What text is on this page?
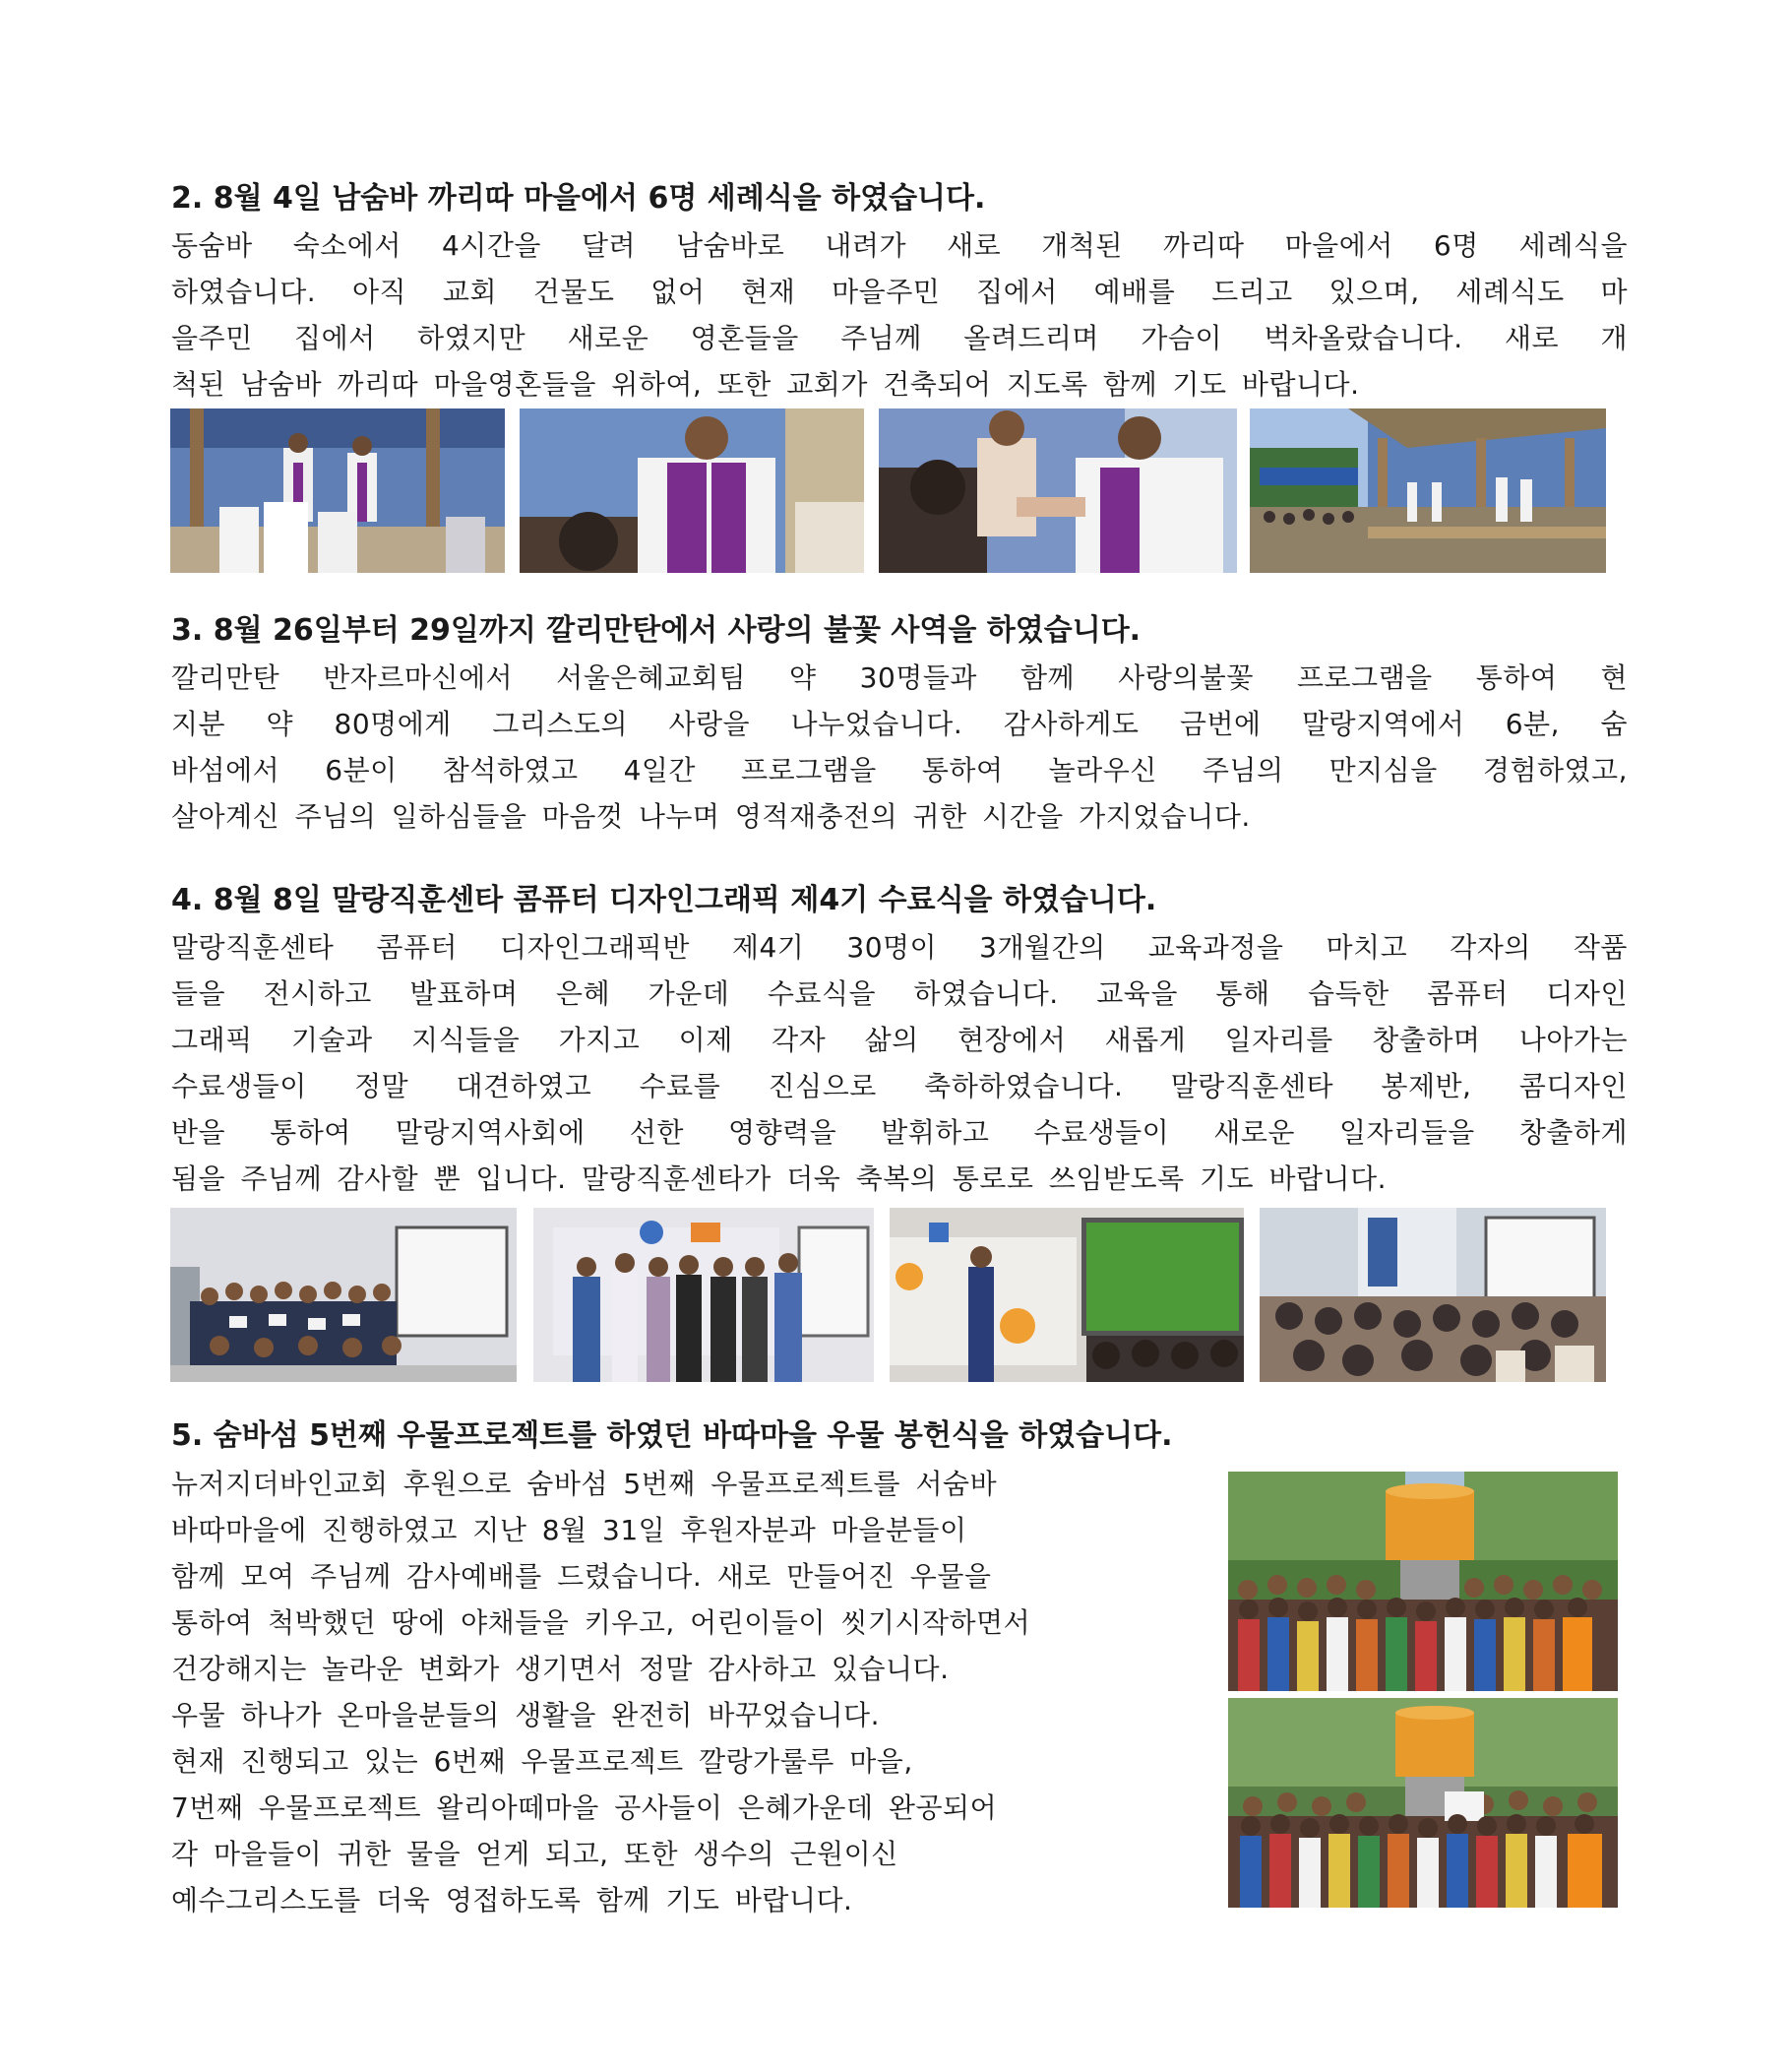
2. 8월 4일 남숨바 까리따 마을에서 6명 세례식을 하였습니다.
동숨바 숙소에서 4시간을 달려 남숨바로 내려가 새로 개척된 까리따 마을에서 6명 세례식을
하였습니다. 아직 교회 건물도 없어 현재 마을주민 집에서 예배를 드리고 있으며, 세례식도 마
을주민 집에서 하였지만 새로운 영혼들을 주님께 올려드리며 가슴이 벅차올랐습니다. 새로 개
척된 남숨바 까리따 마을영혼들을 위하여, 또한 교회가 건축되어 지도록 함께 기도 바랍니다.
3. 8월 26일부터 29일까지 깔리만탄에서 사랑의 불꽃 사역을 하였습니다.
깔리만탄 반자르마신에서 서울은혜교회팀 약 30명들과 함께 사랑의불꽃 프로그램을 통하여 현
지분 약 80명에게 그리스도의 사랑을 나누었습니다. 감사하게도 금번에 말랑지역에서 6분, 숨
바섬에서 6분이 참석하였고 4일간 프로그램을 통하여 놀라우신 주님의 만지심을 경험하였고,
살아계신 주님의 일하심들을 마음껏 나누며 영적재충전의 귀한 시간을 가지었습니다.
4. 8월 8일 말랑직훈센타 콤퓨터 디자인그래픽 제4기 수료식을 하였습니다.
말랑직훈센타 콤퓨터 디자인그래픽반 제4기 30명이 3개월간의 교육과정을 마치고 각자의 작품
들을 전시하고 발표하며 은혜 가운데 수료식을 하였습니다. 교육을 통해 습득한 콤퓨터 디자인
그래픽 기술과 지식들을 가지고 이제 각자 삶의 현장에서 새롭게 일자리를 창출하며 나아가는
수료생들이 정말 대견하였고 수료를 진심으로 축하하였습니다. 말랑직훈센타 봉제반, 콤디자인
반을 통하여 말랑지역사회에 선한 영향력을 발휘하고 수료생들이 새로운 일자리들을 창출하게
됨을 주님께 감사할 뿐 입니다. 말랑직훈센타가 더욱 축복의 통로로 쓰임받도록 기도 바랍니다.
5. 숨바섬 5번째 우물프로젝트를 하였던 바따마을 우물 봉헌식을 하였습니다.
뉴저지더바인교회 후원으로 숨바섬 5번째 우물프로젝트를 서숨바
바따마을에 진행하였고 지난 8월 31일 후원자분과 마을분들이
함께 모여 주님께 감사예배를 드렸습니다. 새로 만들어진 우물을
통하여 척박했던 땅에 야채들을 키우고, 어린이들이 씻기시작하면서
건강해지는 놀라운 변화가 생기면서 정말 감사하고 있습니다.
우물 하나가 온마을분들의 생활을 완전히 바꾸었습니다.
현재 진행되고 있는 6번째 우물프로젝트 깔랑가룰루 마을,
7번째 우물프로젝트 왈리아떼마을 공사들이 은혜가운데 완공되어
각 마을들이 귀한 물을 얻게 되고, 또한 생수의 근원이신
예수그리스도를 더욱 영접하도록 함께 기도 바랍니다.
